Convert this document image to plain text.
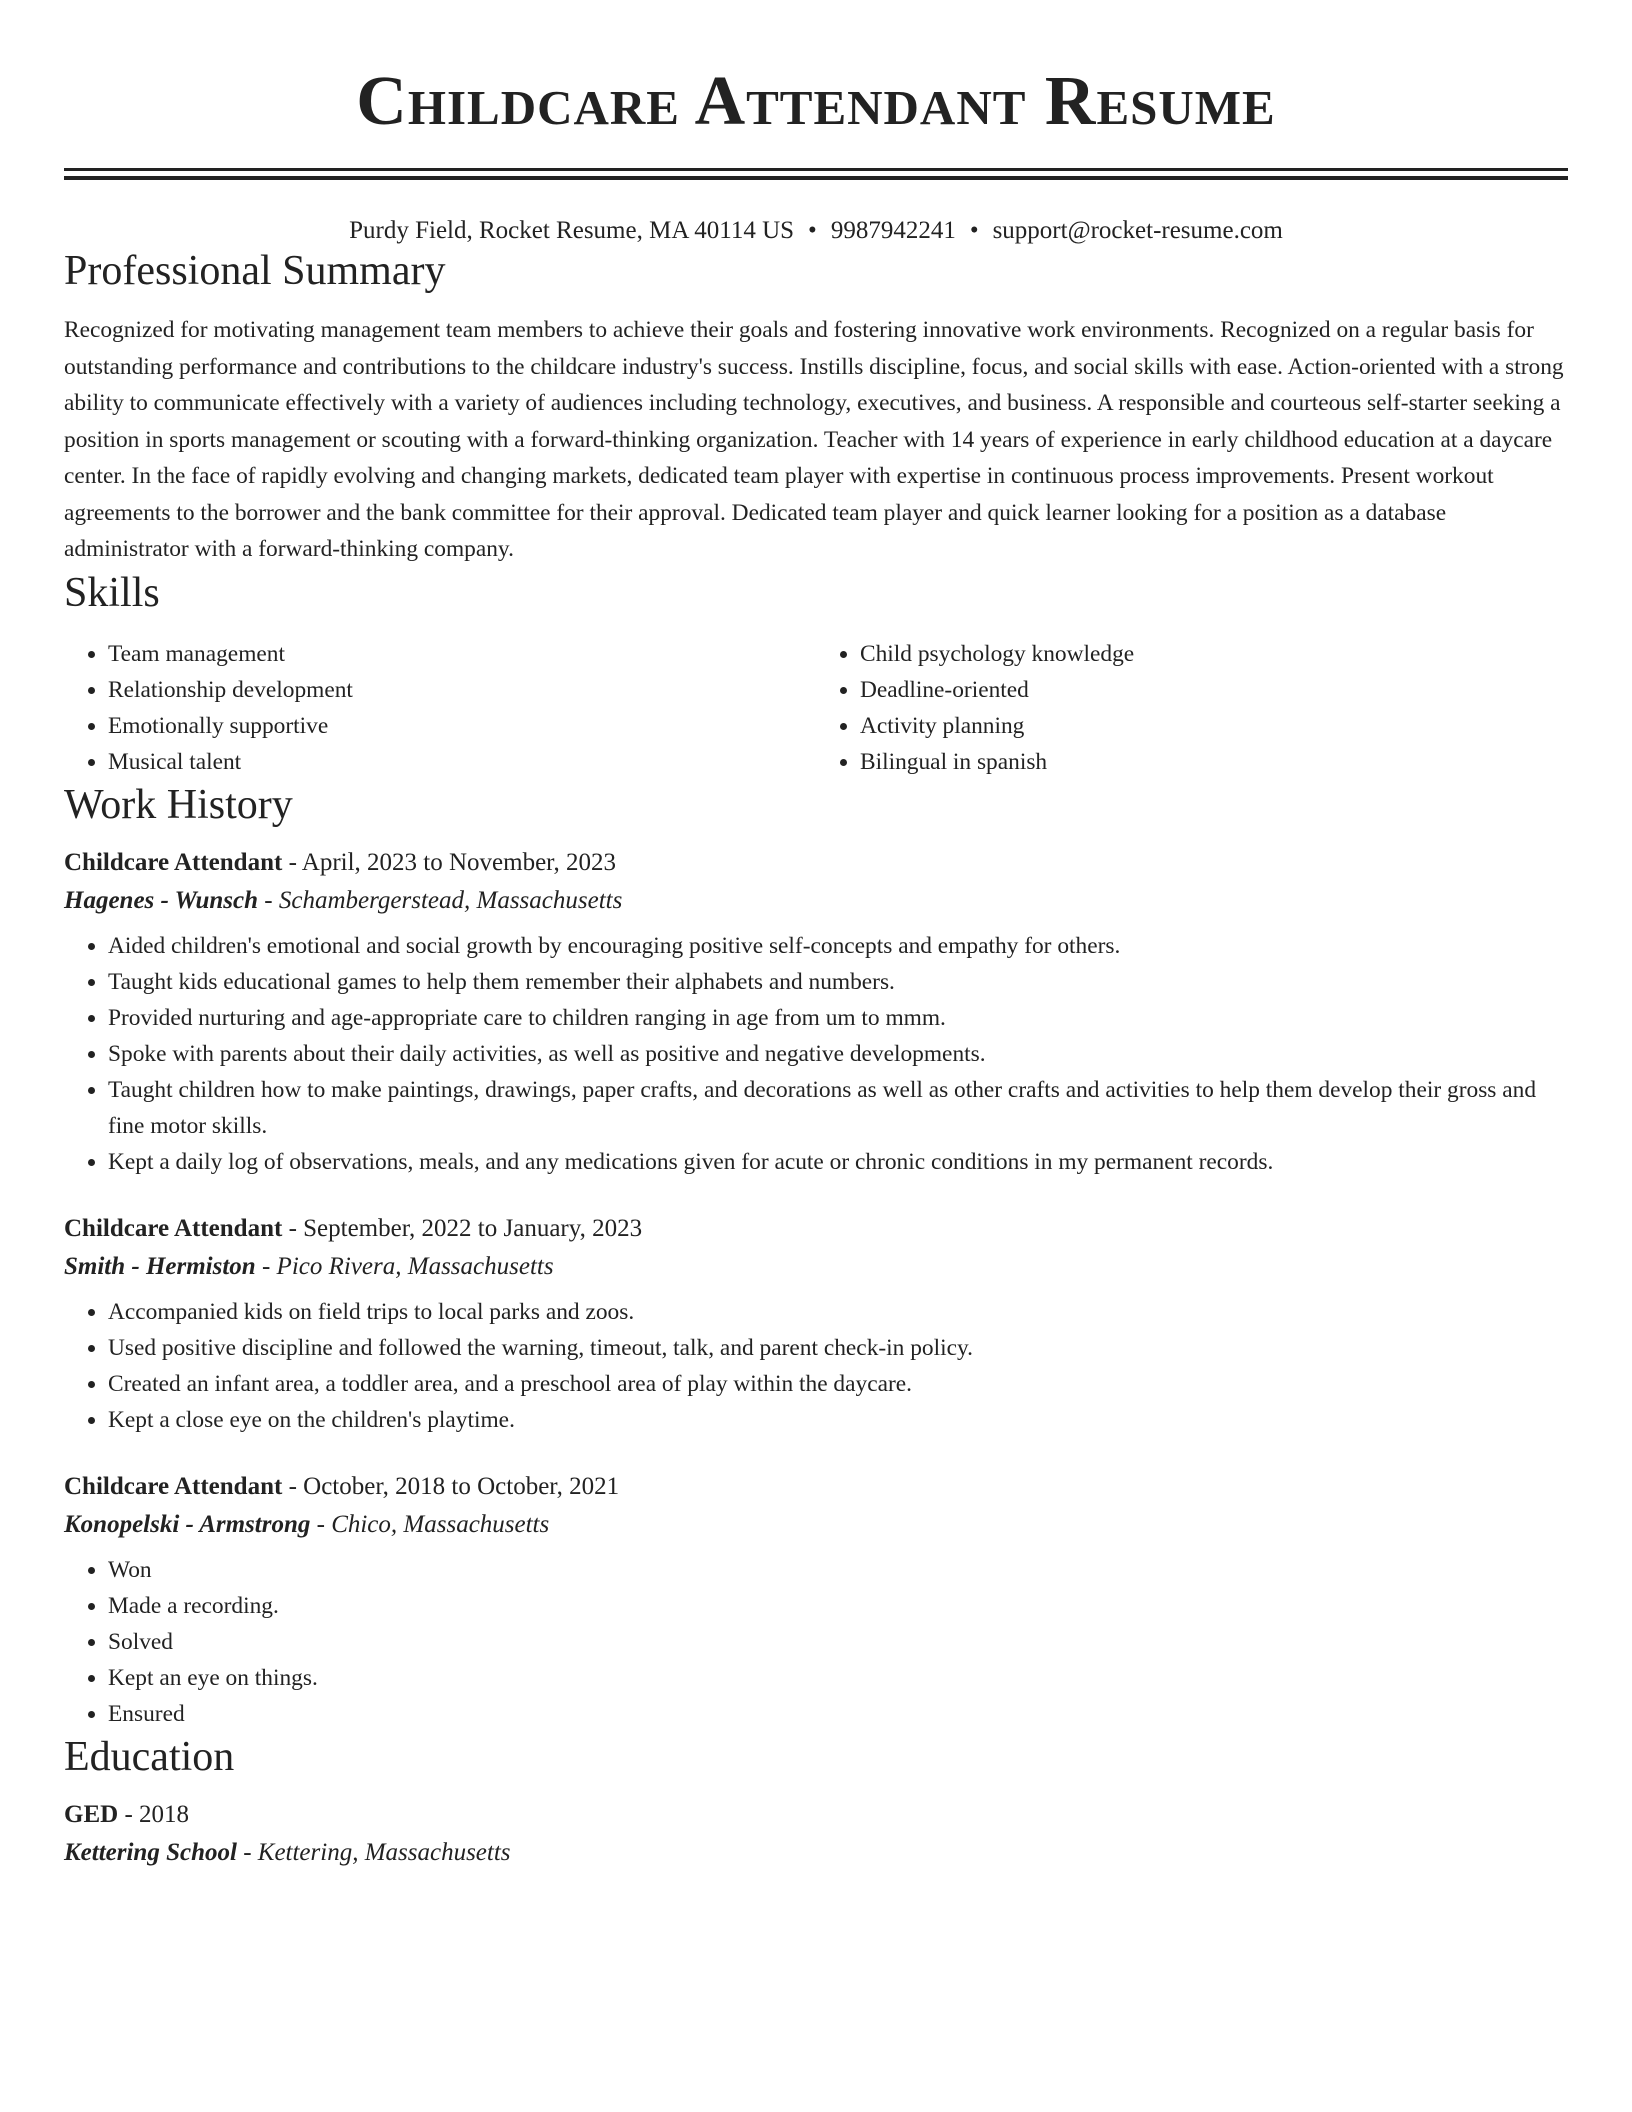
Childcare Attendant Resume
Purdy Field, Rocket Resume, MA 40114 US • 9987942241 • support@rocket-resume.com
Professional Summary
Recognized for motivating management team members to achieve their goals and fostering innovative work environments. Recognized on a regular basis for outstanding performance and contributions to the childcare industry's success. Instills discipline, focus, and social skills with ease. Action-oriented with a strong ability to communicate effectively with a variety of audiences including technology, executives, and business. A responsible and courteous self-starter seeking a position in sports management or scouting with a forward-thinking organization. Teacher with 14 years of experience in early childhood education at a daycare center. In the face of rapidly evolving and changing markets, dedicated team player with expertise in continuous process improvements. Present workout agreements to the borrower and the bank committee for their approval. Dedicated team player and quick learner looking for a position as a database administrator with a forward-thinking company.
Skills
• Team management
• Relationship development
• Emotionally supportive
• Musical talent
• Child psychology knowledge
• Deadline-oriented
• Activity planning
• Bilingual in spanish
Work History
Childcare Attendant - April, 2023 to November, 2023
Hagenes - Wunsch - Schambergerstead, Massachusetts
• Aided children's emotional and social growth by encouraging positive self-concepts and empathy for others.
• Taught kids educational games to help them remember their alphabets and numbers.
• Provided nurturing and age-appropriate care to children ranging in age from um to mmm.
• Spoke with parents about their daily activities, as well as positive and negative developments.
• Taught children how to make paintings, drawings, paper crafts, and decorations as well as other crafts and activities to help them develop their gross and fine motor skills.
• Kept a daily log of observations, meals, and any medications given for acute or chronic conditions in my permanent records.
Childcare Attendant - September, 2022 to January, 2023
Smith - Hermiston - Pico Rivera, Massachusetts
• Accompanied kids on field trips to local parks and zoos.
• Used positive discipline and followed the warning, timeout, talk, and parent check-in policy.
• Created an infant area, a toddler area, and a preschool area of play within the daycare.
• Kept a close eye on the children's playtime.
Childcare Attendant - October, 2018 to October, 2021
Konopelski - Armstrong - Chico, Massachusetts
• Won
• Made a recording.
• Solved
• Kept an eye on things.
• Ensured
Education
GED - 2018
Kettering School - Kettering, Massachusetts
